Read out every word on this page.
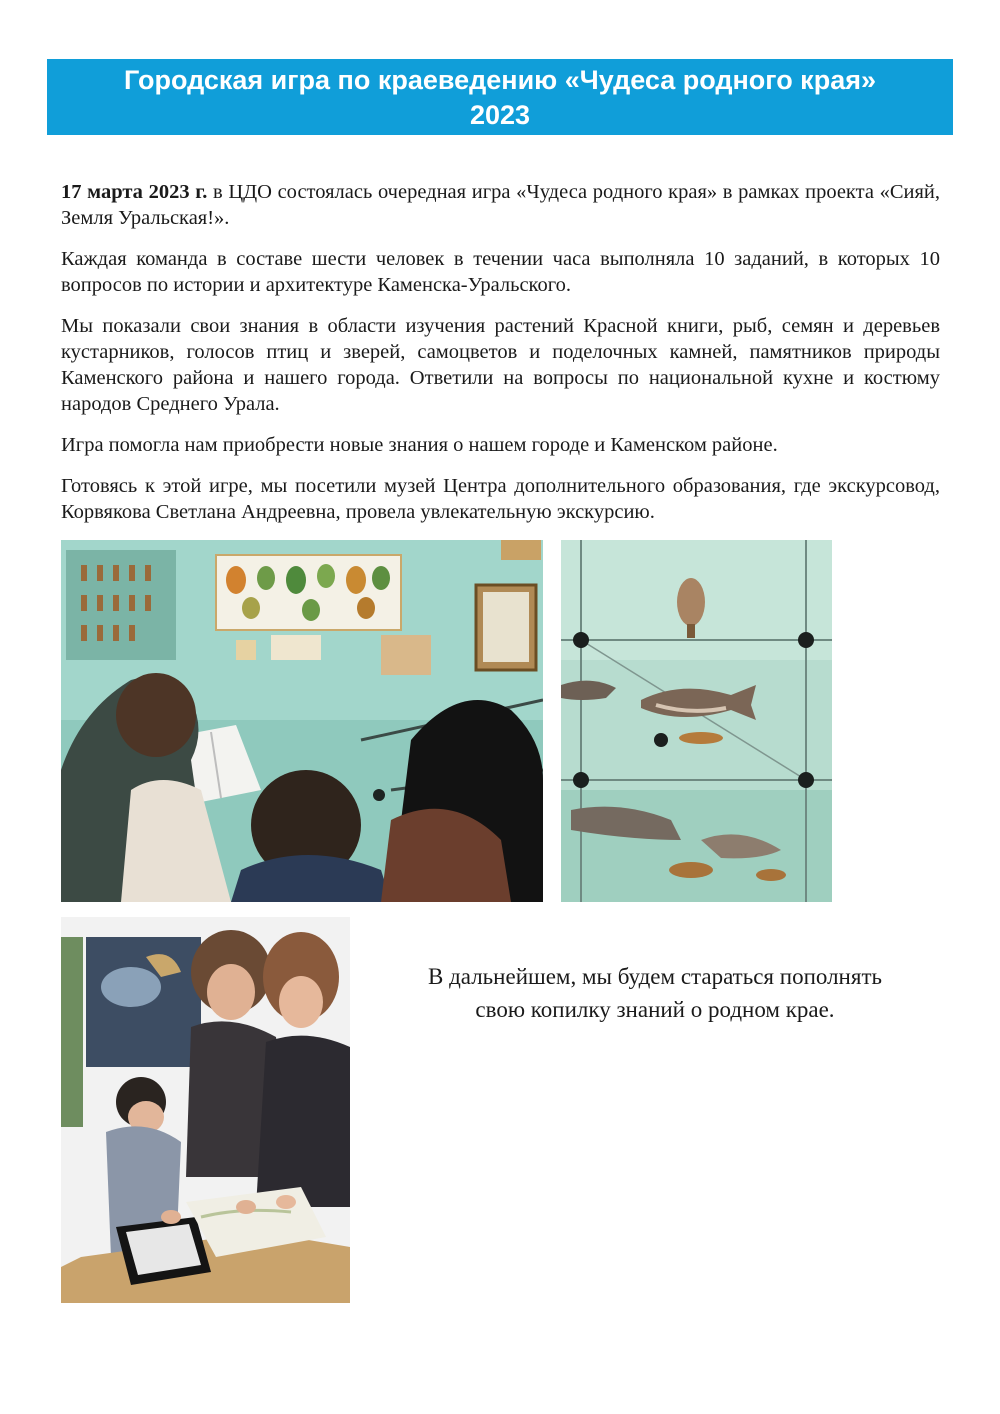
Городская игра по краеведению «Чудеса родного края»
2023

17 марта 2023 г. в ЦДО состоялась очередная игра «Чудеса родного края» в рамках проекта «Сияй, Земля Уральская!».

Каждая команда в составе шести человек в течении часа выполняла 10 заданий, в которых 10 вопросов по истории и архитектуре Каменска-Уральского.

Мы показали свои знания в области изучения растений Красной книги, рыб, семян и деревьев кустарников, голосов птиц и зверей, самоцветов и поделочных камней, памятников природы Каменского района и нашего города. Ответили на вопросы по национальной кухне и костюму народов Среднего Урала.

Игра помогла нам приобрести новые знания о нашем городе и Каменском районе.

Готовясь к этой игре, мы посетили музей Центра дополнительного образования, где экскурсовод, Корвякова Светлана Андреевна, провела увлекательную экскурсию.

В дальнейшем, мы будем стараться пополнять
свою копилку знаний о родном крае.
